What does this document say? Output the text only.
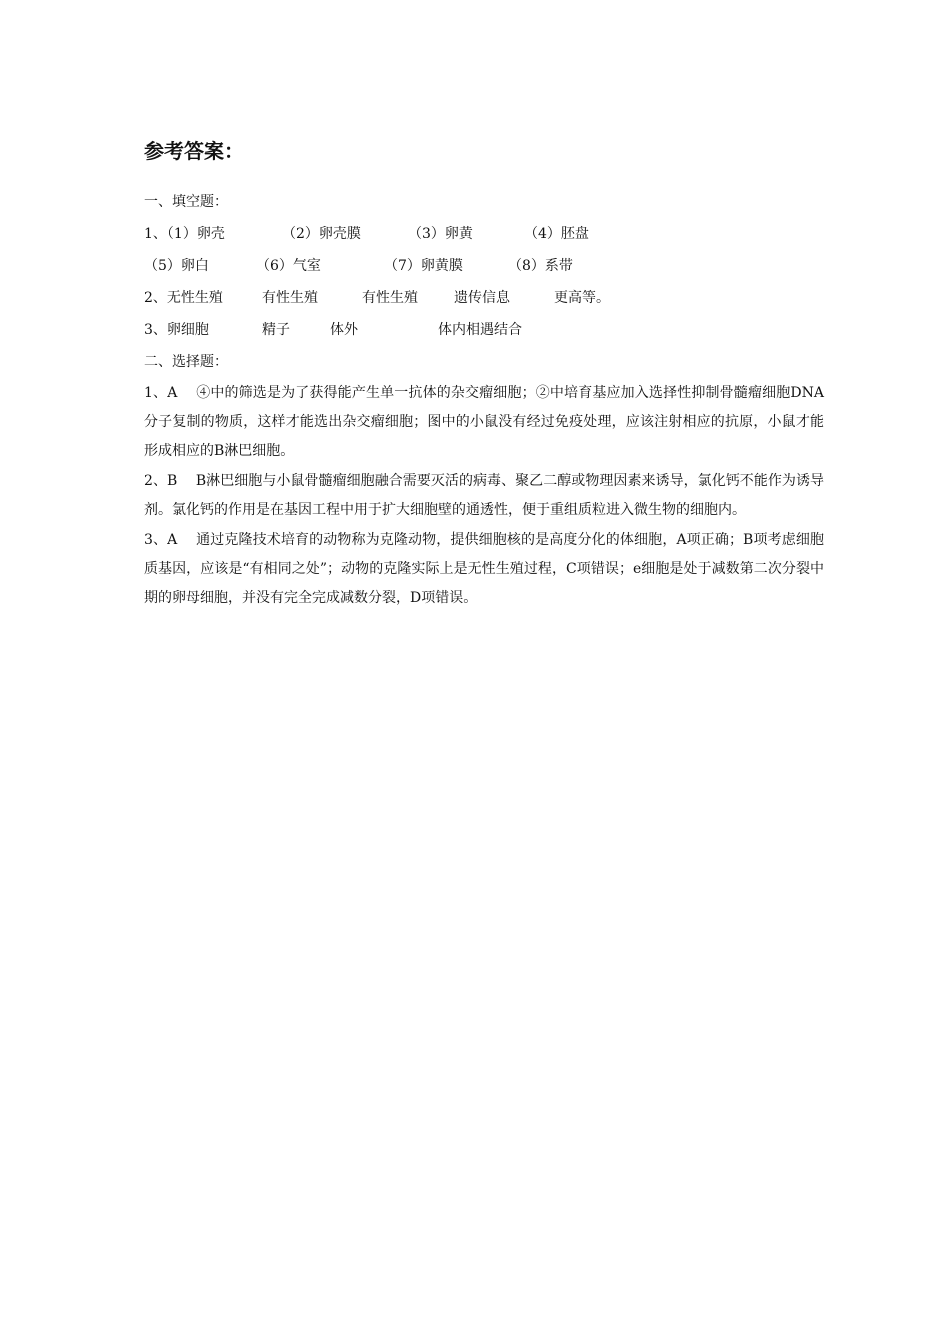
参考答案：
一、填空题：
1、（1）卵壳	（2）卵壳膜	（3）卵黄	（4）胚盘
（5）卵白	（6）气室	（7）卵黄膜	（8）系带
2、无性生殖	有性生殖	有性生殖	遗传信息	更高等。
3、卵细胞	精子	体外	体内相遇结合
二、选择题：
1、A　 ④中的筛选是为了获得能产生单一抗体的杂交瘤细胞；②中培育基应加入选择性抑制骨髓瘤细胞DNA分子复制的物质，这样才能选出杂交瘤细胞；图中的小鼠没有经过免疫处理，应该注射相应的抗原，小鼠才能形成相应的B淋巴细胞。
2、B　 B淋巴细胞与小鼠骨髓瘤细胞融合需要灭活的病毒、聚乙二醇或物理因素来诱导，氯化钙不能作为诱导剂。氯化钙的作用是在基因工程中用于扩大细胞壁的通透性，便于重组质粒进入微生物的细胞内。
3、A　 通过克隆技术培育的动物称为克隆动物，提供细胞核的是高度分化的体细胞，A项正确；B项考虑细胞质基因，应该是“有相同之处”；动物的克隆实际上是无性生殖过程，C项错误；e细胞是处于减数第二次分裂中期的卵母细胞，并没有完全完成减数分裂，D项错误。
